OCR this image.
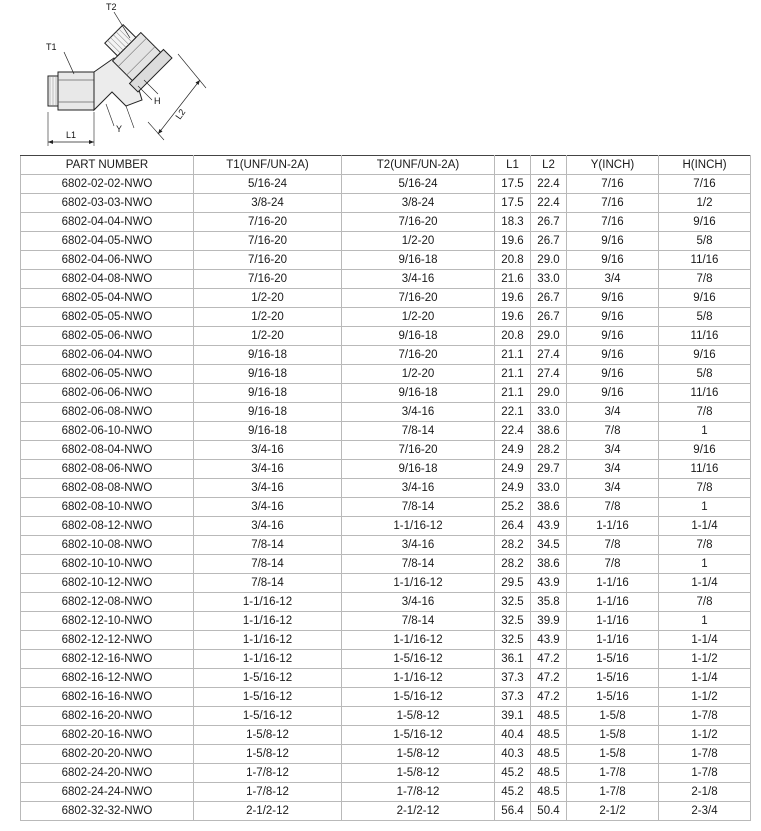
T2
T1
L1
H
Y
L2
PART NUMBER	T1(UNF/UN-2A)	T2(UNF/UN-2A)	L1	L2	Y(INCH)	H(INCH)
6802-02-02-NWO	5/16-24	5/16-24	17.5	22.4	7/16	7/16
6802-03-03-NWO	3/8-24	3/8-24	17.5	22.4	7/16	1/2
6802-04-04-NWO	7/16-20	7/16-20	18.3	26.7	7/16	9/16
6802-04-05-NWO	7/16-20	1/2-20	19.6	26.7	9/16	5/8
6802-04-06-NWO	7/16-20	9/16-18	20.8	29.0	9/16	11/16
6802-04-08-NWO	7/16-20	3/4-16	21.6	33.0	3/4	7/8
6802-05-04-NWO	1/2-20	7/16-20	19.6	26.7	9/16	9/16
6802-05-05-NWO	1/2-20	1/2-20	19.6	26.7	9/16	5/8
6802-05-06-NWO	1/2-20	9/16-18	20.8	29.0	9/16	11/16
6802-06-04-NWO	9/16-18	7/16-20	21.1	27.4	9/16	9/16
6802-06-05-NWO	9/16-18	1/2-20	21.1	27.4	9/16	5/8
6802-06-06-NWO	9/16-18	9/16-18	21.1	29.0	9/16	11/16
6802-06-08-NWO	9/16-18	3/4-16	22.1	33.0	3/4	7/8
6802-06-10-NWO	9/16-18	7/8-14	22.4	38.6	7/8	1
6802-08-04-NWO	3/4-16	7/16-20	24.9	28.2	3/4	9/16
6802-08-06-NWO	3/4-16	9/16-18	24.9	29.7	3/4	11/16
6802-08-08-NWO	3/4-16	3/4-16	24.9	33.0	3/4	7/8
6802-08-10-NWO	3/4-16	7/8-14	25.2	38.6	7/8	1
6802-08-12-NWO	3/4-16	1-1/16-12	26.4	43.9	1-1/16	1-1/4
6802-10-08-NWO	7/8-14	3/4-16	28.2	34.5	7/8	7/8
6802-10-10-NWO	7/8-14	7/8-14	28.2	38.6	7/8	1
6802-10-12-NWO	7/8-14	1-1/16-12	29.5	43.9	1-1/16	1-1/4
6802-12-08-NWO	1-1/16-12	3/4-16	32.5	35.8	1-1/16	7/8
6802-12-10-NWO	1-1/16-12	7/8-14	32.5	39.9	1-1/16	1
6802-12-12-NWO	1-1/16-12	1-1/16-12	32.5	43.9	1-1/16	1-1/4
6802-12-16-NWO	1-1/16-12	1-5/16-12	36.1	47.2	1-5/16	1-1/2
6802-16-12-NWO	1-5/16-12	1-1/16-12	37.3	47.2	1-5/16	1-1/4
6802-16-16-NWO	1-5/16-12	1-5/16-12	37.3	47.2	1-5/16	1-1/2
6802-16-20-NWO	1-5/16-12	1-5/8-12	39.1	48.5	1-5/8	1-7/8
6802-20-16-NWO	1-5/8-12	1-5/16-12	40.4	48.5	1-5/8	1-1/2
6802-20-20-NWO	1-5/8-12	1-5/8-12	40.3	48.5	1-5/8	1-7/8
6802-24-20-NWO	1-7/8-12	1-5/8-12	45.2	48.5	1-7/8	1-7/8
6802-24-24-NWO	1-7/8-12	1-7/8-12	45.2	48.5	1-7/8	2-1/8
6802-32-32-NWO	2-1/2-12	2-1/2-12	56.4	50.4	2-1/2	2-3/4
